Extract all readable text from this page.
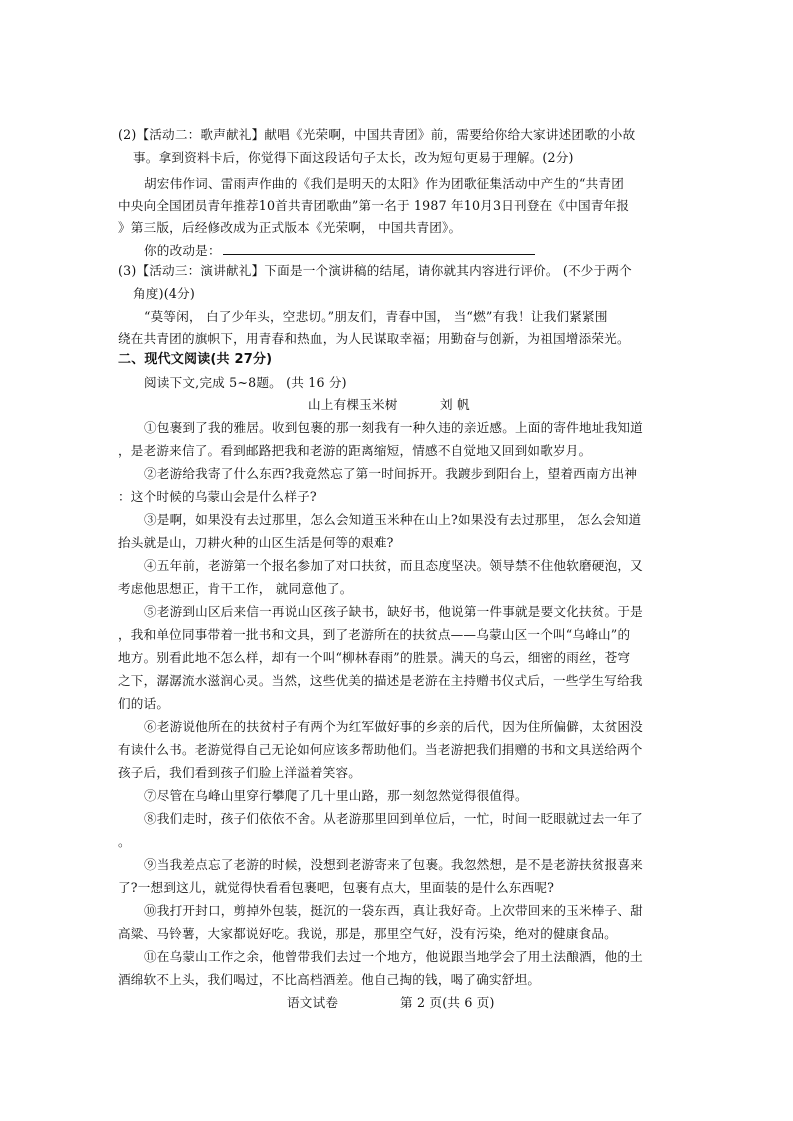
(2)【活动二：歌声献礼】献唱《光荣啊，中国共青团》前，需要给你给大家讲述团歌的小故
事。拿到资料卡后，你觉得下面这段话句子太长，改为短句更易于理解。(2分)
胡宏伟作词、雷雨声作曲的《我们是明天的太阳》作为团歌征集活动中产生的“共青团
中央向全国团员青年推荐10首共青团歌曲”第一名于 1987 年10月3日刊登在《中国青年报
》第三版，后经修改成为正式版本《光荣啊， 中国共青团》。
你的改动是：
(3)【活动三：演讲献礼】下面是一个演讲稿的结尾，请你就其内容进行评价。 (不少于两个
角度)(4分)
“莫等闲， 白了少年头，空悲切。”朋友们，青春中国， 当“燃”有我！让我们紧紧围
绕在共青团的旗帜下，用青春和热血，为人民谋取幸福；用勤奋与创新，为祖国增添荣光。
二、现代文阅读(共 27分)
阅读下文,完成 5~8题。 (共 16 分)
山上有棵玉米树	刘 帆
①包裹到了我的雅居。收到包裹的那一刻我有一种久违的亲近感。上面的寄件地址我知道
，是老游来信了。看到邮路把我和老游的距离缩短，情感不自觉地又回到如歌岁月。
②老游给我寄了什么东西?我竟然忘了第一时间拆开。我踱步到阳台上，望着西南方出神
：这个时候的乌蒙山会是什么样子?
③是啊，如果没有去过那里，怎么会知道玉米种在山上?如果没有去过那里， 怎么会知道
抬头就是山，刀耕火种的山区生活是何等的艰难?
④五年前，老游第一个报名参加了对口扶贫，而且态度坚决。领导禁不住他软磨硬泡，又
考虑他思想正，肯干工作， 就同意他了。
⑤老游到山区后来信一再说山区孩子缺书，缺好书，他说第一件事就是要文化扶贫。于是
，我和单位同事带着一批书和文具，到了老游所在的扶贫点——乌蒙山区一个叫“乌峰山”的
地方。别看此地不怎么样，却有一个叫“柳林春雨”的胜景。满天的乌云，细密的雨丝，苍穹
之下，潺潺流水滋润心灵。当然，这些优美的描述是老游在主持赠书仪式后，一些学生写给我
们的话。
⑥老游说他所在的扶贫村子有两个为红军做好事的乡亲的后代，因为住所偏僻，太贫困没
有读什么书。老游觉得自己无论如何应该多帮助他们。当老游把我们捐赠的书和文具送给两个
孩子后，我们看到孩子们脸上洋溢着笑容。
⑦尽管在乌峰山里穿行攀爬了几十里山路，那一刻忽然觉得很值得。
⑧我们走时，孩子们依依不舍。从老游那里回到单位后，一忙，时间一眨眼就过去一年了
。
⑨当我差点忘了老游的时候，没想到老游寄来了包裹。我忽然想，是不是老游扶贫报喜来
了?一想到这儿，就觉得快看看包裹吧，包裹有点大，里面装的是什么东西呢?
⑩我打开封口，剪掉外包装，挺沉的一袋东西，真让我好奇。上次带回来的玉米棒子、甜
高粱、马铃薯，大家都说好吃。我说，那是，那里空气好，没有污染，绝对的健康食品。
⑪在乌蒙山工作之余，他曾带我们去过一个地方，他说跟当地学会了用土法酿酒，他的土
酒绵软不上头，我们喝过，不比高档酒差。他自己掏的钱，喝了确实舒坦。
语文试卷	第 2 页(共 6 页)
